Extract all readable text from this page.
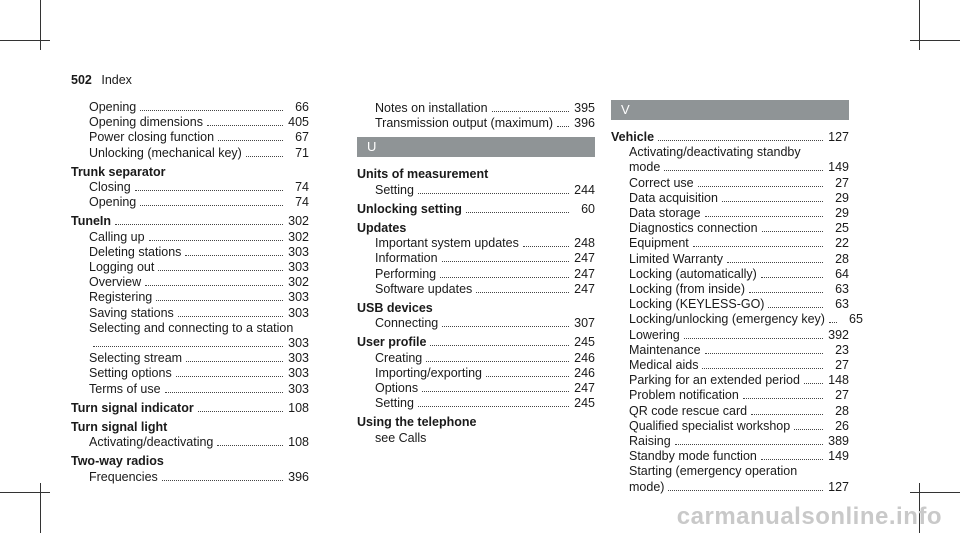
502 Index
Opening	66
Opening dimensions	405
Power closing function	67
Unlocking (mechanical key)	71
Trunk separator
Closing	74
Opening	74
TuneIn	302
Calling up	302
Deleting stations	303
Logging out	303
Overview	302
Registering	303
Saving stations	303
Selecting and connecting to a station
303
Selecting stream	303
Setting options	303
Terms of use	303
Turn signal indicator	108
Turn signal light
Activating/deactivating	108
Two-way radios
Frequencies	396
Notes on installation	395
Transmission output (maximum) 396
U
Units of measurement
Setting	244
Unlocking setting	60
Updates
Important system updates	248
Information	247
Performing	247
Software updates	247
USB devices
Connecting	307
User profile	245
Creating	246
Importing/exporting	246
Options	247
Setting	245
Using the telephone
see Calls
V
Vehicle	127
Activating/deactivating standby
mode	149
Correct use	27
Data acquisition	29
Data storage	29
Diagnostics connection	25
Equipment	22
Limited Warranty	28
Locking (automatically)	64
Locking (from inside)	63
Locking (KEYLESS-GO)	63
Locking/unlocking (emergency key)	65
Lowering	392
Maintenance	23
Medical aids	27
Parking for an extended period 148
Problem notification	27
QR code rescue card	28
Qualified specialist workshop	26
Raising	389
Standby mode function	149
Starting (emergency operation
mode)	127
carmanualsonline.info
